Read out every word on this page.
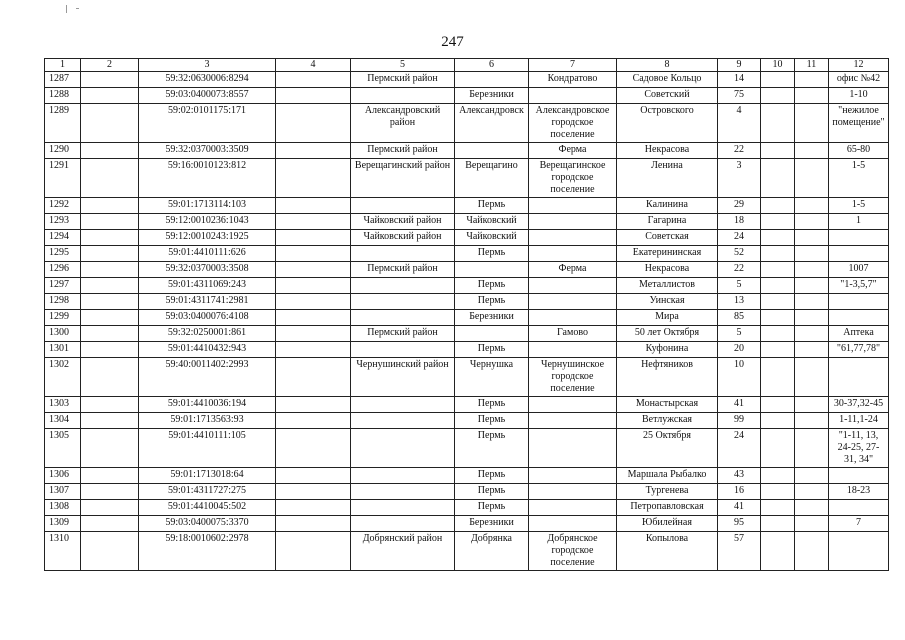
247
1	2	3	4	5	6	7	8	9	10	11	12
1287		59:32:0630006:8294		Пермский район		Кондратово	Садовое Кольцо	14			офис №42
1288		59:03:0400073:8557			Березники		Советский	75			1-10
1289		59:02:0101175:171		Александровский район	Александровск	Александровское городское поселение	Островского	4			"нежилое помещение"
1290		59:32:0370003:3509		Пермский район		Ферма	Некрасова	22			65-80
1291		59:16:0010123:812		Верещагинский район	Верещагино	Верещагинское городское поселение	Ленина	3			1-5
1292		59:01:1713114:103			Пермь		Калинина	29			1-5
1293		59:12:0010236:1043		Чайковский район	Чайковский		Гагарина	18			1
1294		59:12:0010243:1925		Чайковский район	Чайковский		Советская	24			
1295		59:01:4410111:626			Пермь		Екатерининская	52			
1296		59:32:0370003:3508		Пермский район		Ферма	Некрасова	22			1007
1297		59:01:4311069:243			Пермь		Металлистов	5			"1-3,5,7"
1298		59:01:4311741:2981			Пермь		Уинская	13			
1299		59:03:0400076:4108			Березники		Мира	85			
1300		59:32:0250001:861		Пермский район		Гамово	50 лет Октября	5			Аптека
1301		59:01:4410432:943			Пермь		Куфонина	20			"61,77,78"
1302		59:40:0011402:2993		Чернушинский район	Чернушка	Чернушинское городское поселение	Нефтяников	10			
1303		59:01:4410036:194			Пермь		Монастырская	41			30-37,32-45
1304		59:01:1713563:93			Пермь		Ветлужская	99			1-11,1-24
1305		59:01:4410111:105			Пермь		25 Октября	24			"1-11, 13, 24-25, 27-31, 34"
1306		59:01:1713018:64			Пермь		Маршала Рыбалко	43			
1307		59:01:4311727:275			Пермь		Тургенева	16			18-23
1308		59:01:4410045:502			Пермь		Петропавловская	41			
1309		59:03:0400075:3370			Березники		Юбилейная	95			7
1310		59:18:0010602:2978		Добрянский район	Добрянка	Добрянское городское поселение	Копылова	57			
